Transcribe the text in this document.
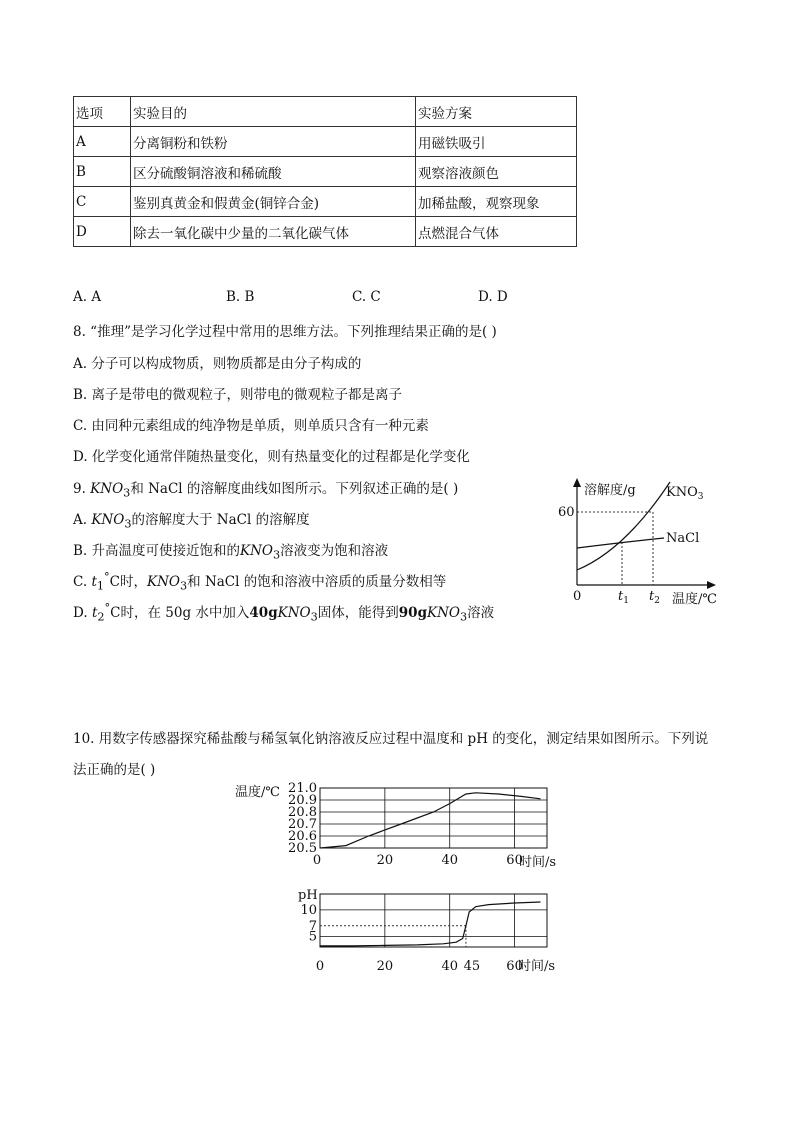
选项	实验目的	实验方案
A	分离铜粉和铁粉	用磁铁吸引
B	区分硫酸铜溶液和稀硫酸	观察溶液颜色
C	鉴别真黄金和假黄金(铜锌合金)	加稀盐酸，观察现象
D	除去一氧化碳中少量的二氧化碳气体	点燃混合气体
A. A	B. B	C. C	D. D
8. “推理”是学习化学过程中常用的思维方法。下列推理结果正确的是( )
A. 分子可以构成物质，则物质都是由分子构成的
B. 离子是带电的微观粒子，则带电的微观粒子都是离子
C. 由同种元素组成的纯净物是单质，则单质只含有一种元素
D. 化学变化通常伴随热量变化，则有热量变化的过程都是化学变化
9. $KNO_3$和 NaCl 的溶解度曲线如图所示。下列叙述正确的是( )
A. $KNO_3$的溶解度大于 NaCl 的溶解度
B. 升高温度可使接近饱和的$KNO_3$溶液变为饱和溶液
C. $t_1^\circ C$时，$KNO_3$和 NaCl 的饱和溶液中溶质的质量分数相等
D. $t_2^\circ C$时，在 50g 水中加入40gKNO$_3$固体，能得到90gKNO$_3$溶液
溶解度/g
温度/℃
0
60
$KNO_3$
NaCl
$t_1$ $t_2$
10. 用数字传感器探究稀盐酸与稀氢氧化钠溶液反应过程中温度和 pH 的变化，测定结果如图所示。下列说
法正确的是( )
温度/℃ 21.0
20.9
20.8
20.7
20.6
20.5
20	40	60
0	时间/s
pH
10
7
5
0	20	40 45 60
时间/s
